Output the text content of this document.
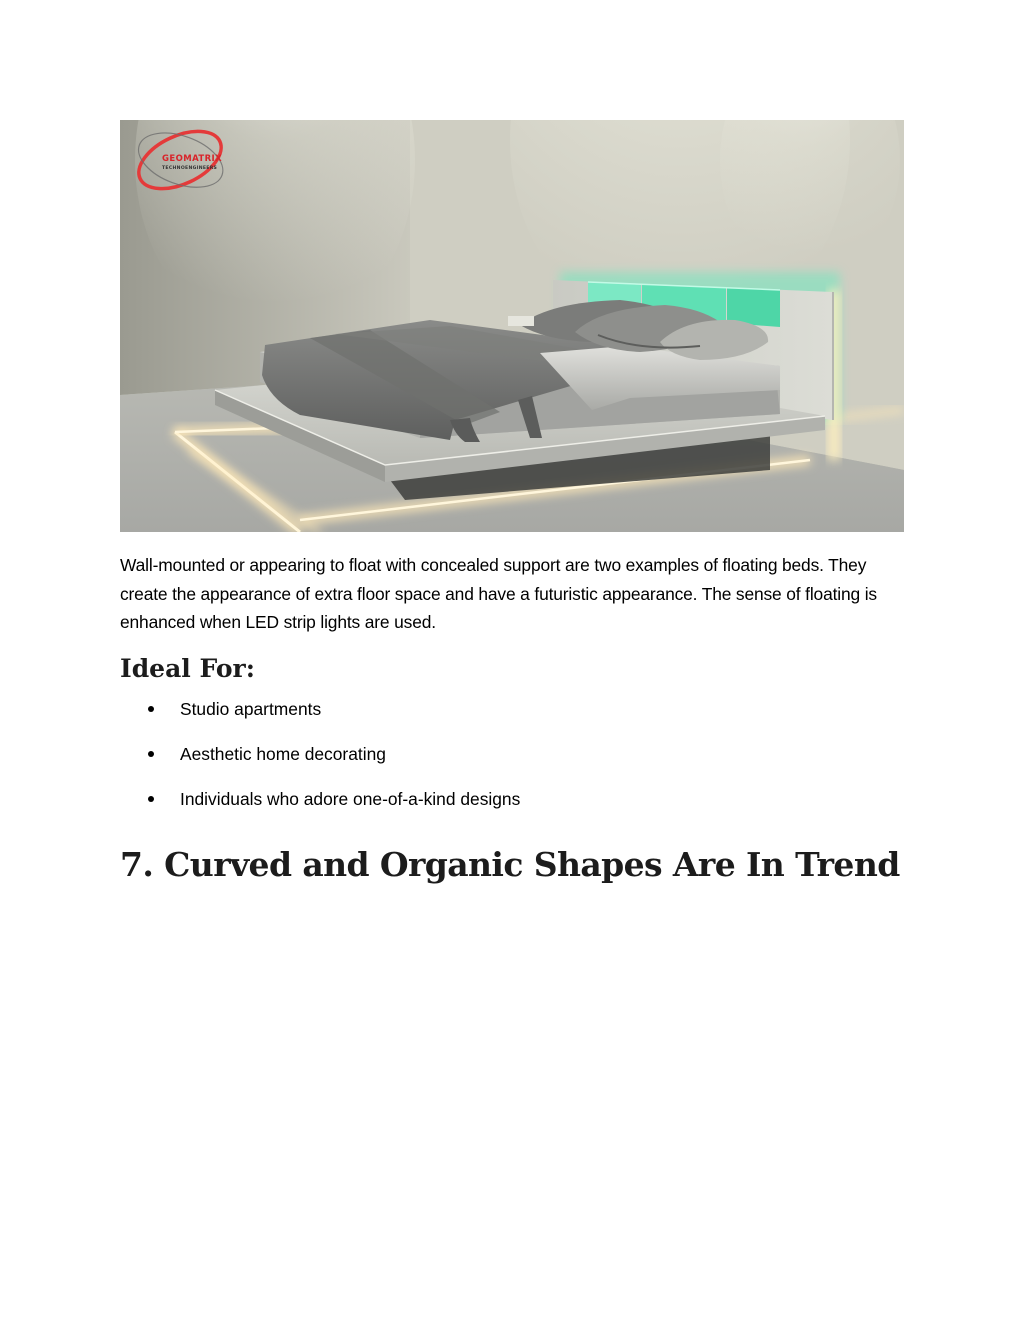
GEOMATRIX
TECHNOENGINEERS

Wall-mounted or appearing to float with concealed support are two examples of floating beds. They create the appearance of extra floor space and have a futuristic appearance. The sense of floating is enhanced when LED strip lights are used.

Ideal For:
Studio apartments
Aesthetic home decorating
Individuals who adore one-of-a-kind designs
7. Curved and Organic Shapes Are In Trend
